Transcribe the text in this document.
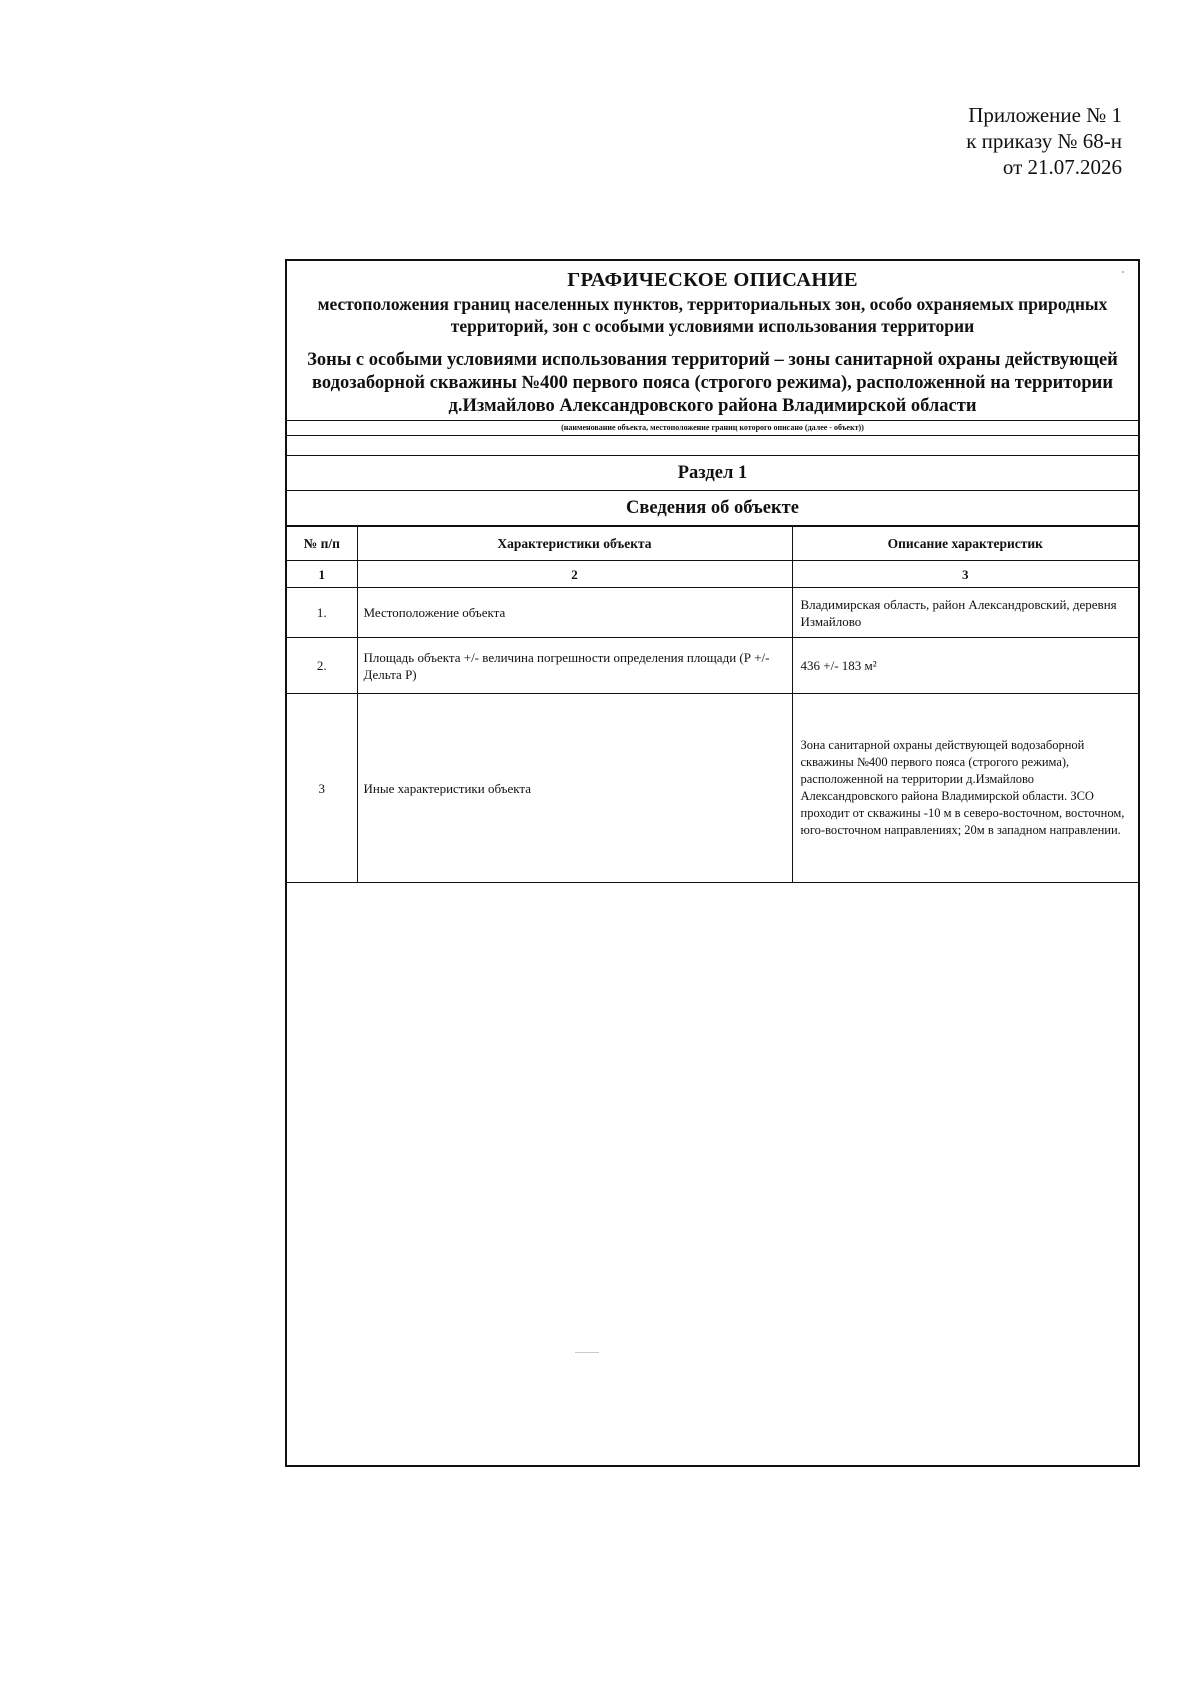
Приложение № 1
к приказу № 68-н
от 21.07.2026
ГРАФИЧЕСКОЕ ОПИСАНИЕ
местоположения границ населенных пунктов, территориальных зон, особо охраняемых природных территорий, зон с особыми условиями использования территории
Зоны с особыми условиями использования территорий – зоны санитарной охраны действующей водозаборной скважины №400 первого пояса (строгого режима), расположенной на территории д.Измайлово Александровского района Владимирской области
(наименование объекта, местоположение границ которого описано (далее - объект))
Раздел 1
Сведения об объекте
№ п/п	Характеристики объекта	Описание характеристик
1	2	3
1.	Местоположение объекта	Владимирская область, район Александровский, деревня Измайлово
2.	Площадь объекта +/- величина погрешности определения площади (Р +/- Дельта Р)	436 +/- 183 м²
3	Иные характеристики объекта	Зона санитарной охраны действующей водозаборной скважины №400 первого пояса (строгого режима), расположенной на территории д.Измайлово Александровского района Владимирской области. ЗСО проходит от скважины -10 м в северо-восточном, восточном, юго-восточном направлениях; 20м в западном направлении.
